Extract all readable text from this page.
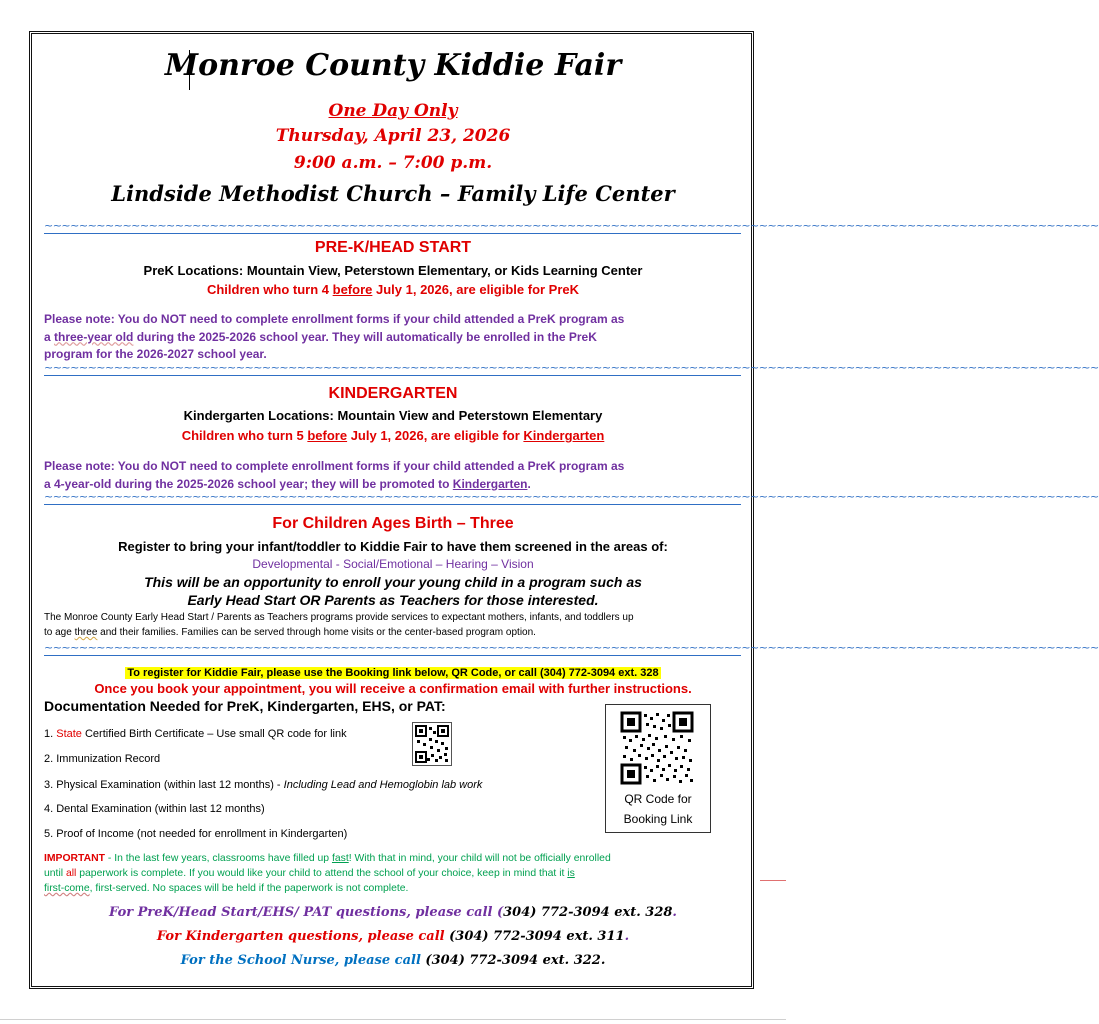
Monroe County Kiddie Fair
One Day Only
Thursday, April 23, 2026
9:00 a.m. – 7:00 p.m.
Lindside Methodist Church – Family Life Center
~~~~~~~~~~~~~~~~~~~~~~~~~~~~~~~~~~~~~~~~~~~~~~~~~~~~~~~~~~~~~~~~~~~~~~~~~~~~~~~~~~~~~~~~~~~~~~~~~~~~~~~~~~~~~~~~~~~~~~~~~
PRE-K/HEAD START
PreK Locations: Mountain View, Peterstown Elementary, or Kids Learning Center
Children who turn 4 before July 1, 2026, are eligible for PreK
Please note: You do NOT need to complete enrollment forms if your child attended a PreK program as
a three-year old during the 2025-2026 school year. They will automatically be enrolled in the PreK
program for the 2026-2027 school year.
~~~~~~~~~~~~~~~~~~~~~~~~~~~~~~~~~~~~~~~~~~~~~~~~~~~~~~~~~~~~~~~~~~~~~~~~~~~~~~~~~~~~~~~~~~~~~~~~~~~~~~~~~~~~~~~~~~~~~~~~~
KINDERGARTEN
Kindergarten Locations: Mountain View and Peterstown Elementary
Children who turn 5 before July 1, 2026, are eligible for Kindergarten
Please note: You do NOT need to complete enrollment forms if your child attended a PreK program as
a 4-year-old during the 2025-2026 school year; they will be promoted to Kindergarten.
~~~~~~~~~~~~~~~~~~~~~~~~~~~~~~~~~~~~~~~~~~~~~~~~~~~~~~~~~~~~~~~~~~~~~~~~~~~~~~~~~~~~~~~~~~~~~~~~~~~~~~~~~~~~~~~~~~~~~~~~~
For Children Ages Birth – Three
Register to bring your infant/toddler to Kiddie Fair to have them screened in the areas of:
Developmental - Social/Emotional – Hearing – Vision
This will be an opportunity to enroll your young child in a program such as
Early Head Start OR Parents as Teachers for those interested.
The Monroe County Early Head Start / Parents as Teachers programs provide services to expectant mothers, infants, and toddlers up
to age three and their families. Families can be served through home visits or the center-based program option.
~~~~~~~~~~~~~~~~~~~~~~~~~~~~~~~~~~~~~~~~~~~~~~~~~~~~~~~~~~~~~~~~~~~~~~~~~~~~~~~~~~~~~~~~~~~~~~~~~~~~~~~~~~~~~~~~~~~~~~~~~
To register for Kiddie Fair, please use the Booking link below, QR Code, or call (304) 772-3094 ext. 328
Once you book your appointment, you will receive a confirmation email with further instructions.
Documentation Needed for PreK, Kindergarten, EHS, or PAT:
1. State Certified Birth Certificate – Use small QR code for link
2. Immunization Record
3. Physical Examination (within last 12 months) - Including Lead and Hemoglobin lab work
4. Dental Examination (within last 12 months)
5. Proof of Income (not needed for enrollment in Kindergarten)
QR Code for
Booking Link
IMPORTANT - In the last few years, classrooms have filled up fast! With that in mind, your child will not be officially enrolled
until all paperwork is complete. If you would like your child to attend the school of your choice, keep in mind that it is
first-come, first-served. No spaces will be held if the paperwork is not complete.
For PreK/Head Start/EHS/ PAT questions, please call (304) 772-3094 ext. 328.
For Kindergarten questions, please call (304) 772-3094 ext. 311.
For the School Nurse, please call (304) 772-3094 ext. 322.
